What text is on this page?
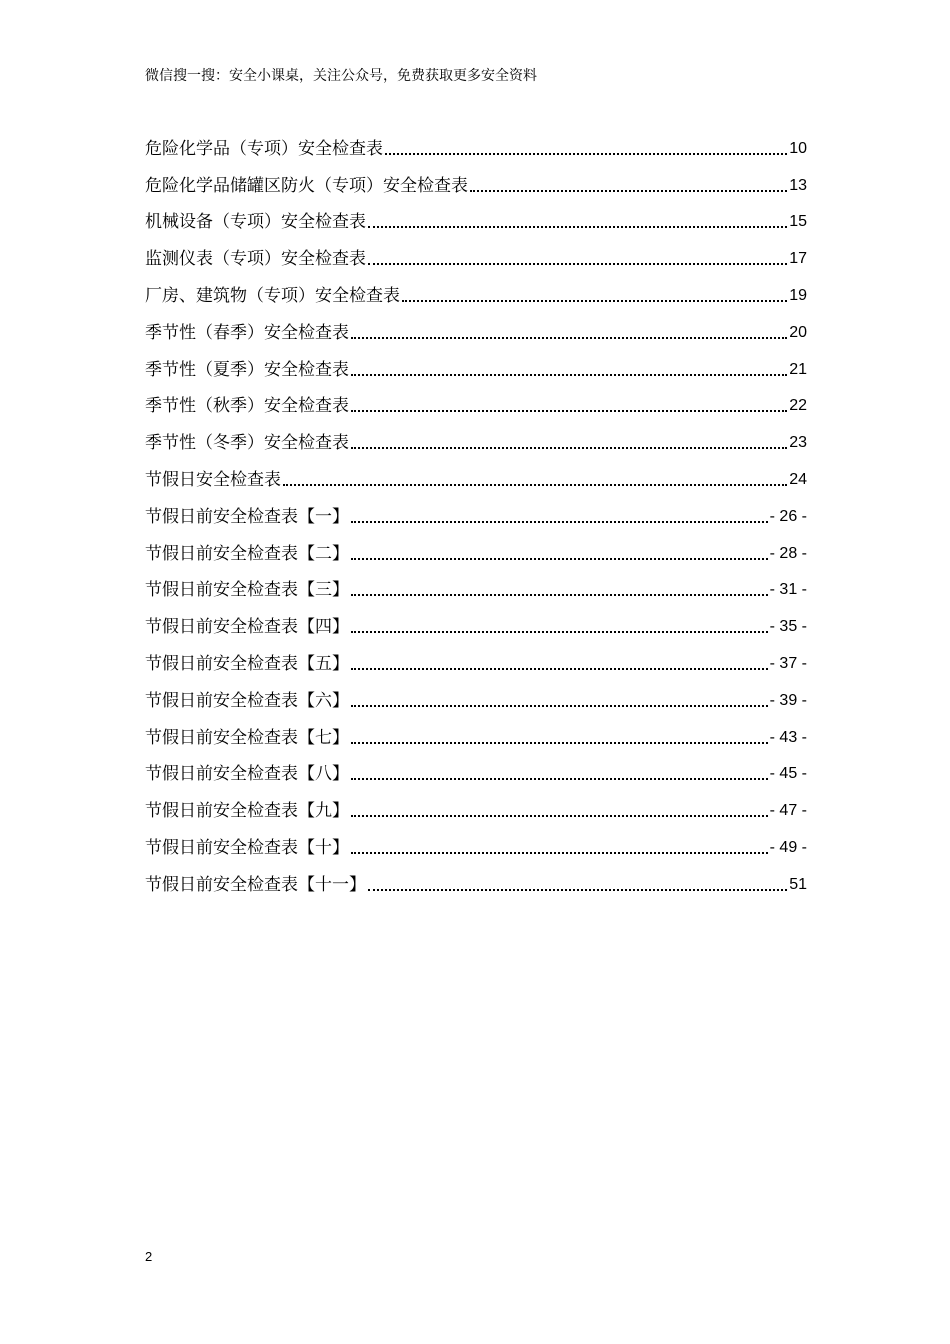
微信搜一搜：安全小课桌，关注公众号，免费获取更多安全资料
危险化学品（专项）安全检查表	10
危险化学品储罐区防火（专项）安全检查表	13
机械设备（专项）安全检查表	15
监测仪表（专项）安全检查表	17
厂房、建筑物（专项）安全检查表	19
季节性（春季）安全检查表	20
季节性（夏季）安全检查表	21
季节性（秋季）安全检查表	22
季节性（冬季）安全检查表	23
节假日安全检查表	24
节假日前安全检查表【一】	- 26 -
节假日前安全检查表【二】	- 28 -
节假日前安全检查表【三】	- 31 -
节假日前安全检查表【四】	- 35 -
节假日前安全检查表【五】	- 37 -
节假日前安全检查表【六】	- 39 -
节假日前安全检查表【七】	- 43 -
节假日前安全检查表【八】	- 45 -
节假日前安全检查表【九】	- 47 -
节假日前安全检查表【十】	- 49 -
节假日前安全检查表【十一】	51
2
